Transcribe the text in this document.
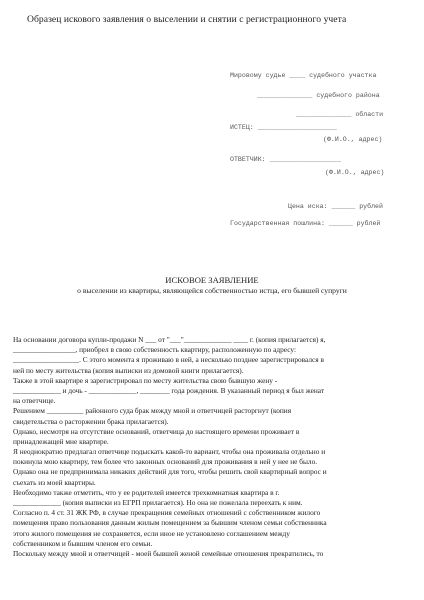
Образец искового заявления о выселении и снятии с регистрационного учета
Мировому судье ____ судебного участка
______________ судебного района
______________ области
ИСТЕЦ: ____________________
(Ф.И.О., адрес)
ОТВЕТЧИК: __________________
(Ф.И.О., адрес)
Цена иска: ______ рублей
Государственная пошлина: ______ рублей
ИСКОВОЕ ЗАЯВЛЕНИЕ
о выселении из квартиры, являющейся собственностью истца, его бывшей супруги
На основании договора купли-продажи N ___ от "___"_____________ ____ г. (копия прилагается) я,
_________________, приобрел в свою собственность квартиру, расположенную по адресу:
__________________. С этого момента я проживаю в ней, а несколько позднее зарегистрировался в
ней по месту жительства (копия выписки из домовой книги прилагается).
Также в этой квартире я зарегистрировал по месту жительства свою бывшую жену -
_____________ и дочь - _____________, ________ года рождения. В указанный период я был женат
на ответчице.
Решением __________ районного суда брак между мной и ответчицей расторгнут (копия
свидетельства о расторжении брака прилагается).
Однако, несмотря на отсутствие оснований, ответчица до настоящего времени проживает в
принадлежащей мне квартире.
Я неоднократно предлагал ответчице подыскать какой-то вариант, чтобы она проживала отдельно и
покинула мою квартиру, тем более что законных оснований для проживания в ней у нее не было.
Однако она не предпринимала никаких действий для того, чтобы решить свой квартирный вопрос и
съехать из моей квартиры.
Необходимо также отметить, что у ее родителей имеется трехкомнатная квартира в г.
_____________ (копия выписки из ЕГРП прилагается). Но она не пожелала переехать к ним.
Согласно п. 4 ст. 31 ЖК РФ, в случае прекращения семейных отношений с собственником жилого
помещения право пользования данным жилым помещением за бывшим членом семьи собственника
этого жилого помещения не сохраняется, если иное не установлено соглашением между
собственником и бывшим членом его семьи.
Поскольку между мной и ответчицей - моей бывшей женой семейные отношения прекратились, то
